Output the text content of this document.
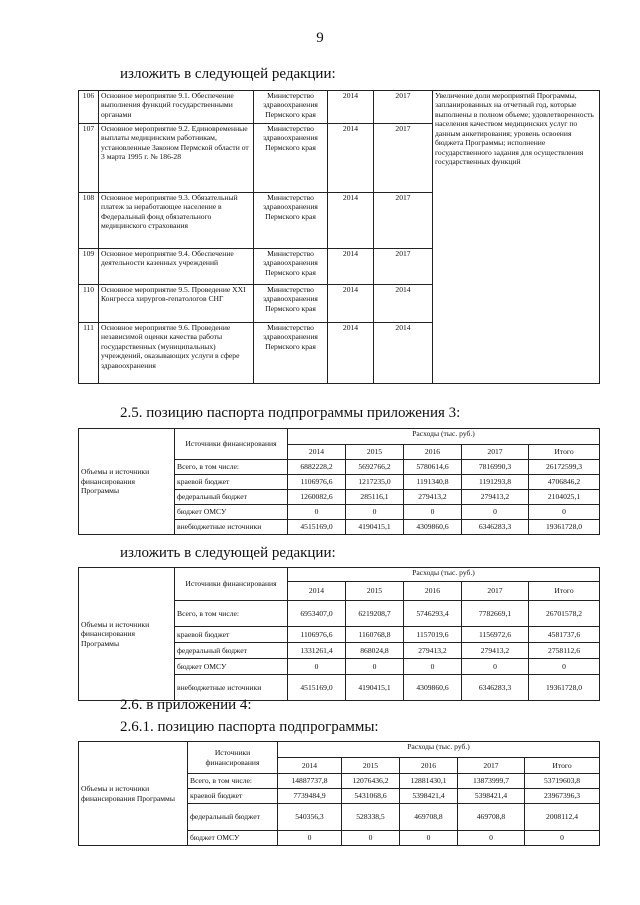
9
изложить в следующей редакции:
106	Основное мероприятие 9.1. Обеспечение выполнения функций государственными органами	Министерство здравоохранения Пермского края	2014	2017	Увеличение доли мероприятий Программы, запланированных на отчетный год, которые выполнены в полном объеме; удовлетворенность населения качеством медицинских услуг по данным анкетирования; уровень освоения бюджета Программы; исполнение государственного задания для осуществления государственных функций
107	Основное мероприятие 9.2. Единовременные выплаты медицинским работникам, установленные Законом Пермской области от 3 марта 1995 г. № 186-28	Министерство здравоохранения Пермского края	2014	2017	
108	Основное мероприятие 9.3. Обязательный платеж за неработающее население в Федеральный фонд обязательного медицинского страхования	Министерство здравоохранения Пермского края	2014	2017	
109	Основное мероприятие 9.4. Обеспечение деятельности казенных учреждений	Министерство здравоохранения Пермского края	2014	2017	
110	Основное мероприятие 9.5. Проведение XXI Конгресса хирургов-гепатологов СНГ	Министерство здравоохранения Пермского края	2014	2014	
111	Основное мероприятие 9.6. Проведение независимой оценки качества работы государственных (муниципальных) учреждений, оказывающих услуги в сфере здравоохранения	Министерство здравоохранения Пермского края	2014	2014	
2.5. позицию паспорта подпрограммы приложения 3:
Объемы и источники финансирования Программы	Источники финансирования	Расходы (тыс. руб.)				
		2014	2015	2016	2017	Итого
	Всего, в том числе:	6882228,2	5692766,2	5780614,6	7816990,3	26172599,3
	краевой бюджет	1106976,6	1217235,0	1191340,8	1191293,8	4706846,2
	федеральный бюджет	1260082,6	285116,1	279413,2	279413,2	2104025,1
	бюджет ОМСУ	0	0	0	0	0
	внебюджетные источники	4515169,0	4190415,1	4309860,6	6346283,3	19361728,0
изложить в следующей редакции:
Объемы и источники финансирования Программы	Источники финансирования	Расходы (тыс. руб.)				
		2014	2015	2016	2017	Итого
	Всего, в том числе:	6953407,0	6219208,7	5746293,4	7782669,1	26701578,2
	краевой бюджет	1106976,6	1160768,8	1157019,6	1156972,6	4581737,6
	федеральный бюджет	1331261,4	868024,8	279413,2	279413,2	2758112,6
	бюджет ОМСУ	0	0	0	0	0
	внебюджетные источники	4515169,0	4190415,1	4309860,6	6346283,3	19361728,0
2.6. в приложении 4:
2.6.1. позицию паспорта подпрограммы:
Объемы и источники финансирования Программы	Источники финансирования	Расходы (тыс. руб.)				
		2014	2015	2016	2017	Итого
	Всего, в том числе:	14887737,8	12076436,2	12881430,1	13873999,7	53719603,8
	краевой бюджет	7739484,9	5431068,6	5398421,4	5398421,4	23967396,3
	федеральный бюджет	540356,3	528338,5	469708,8	469708,8	2008112,4
	бюджет ОМСУ	0	0	0	0	0
